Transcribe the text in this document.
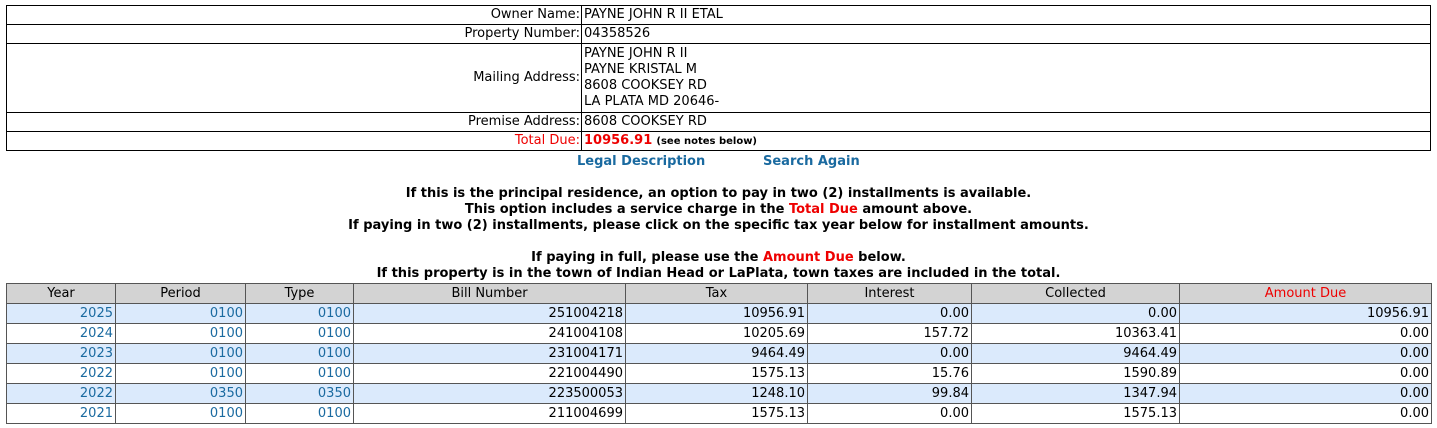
Owner Name:	PAYNE JOHN R II ETAL
Property Number:	04358526
Mailing Address:	PAYNE JOHN R II
PAYNE KRISTAL M
8608 COOKSEY RD
LA PLATA MD 20646-

Premise Address:	8608 COOKSEY RD
Total Due:	10956.91 (see notes below)
Legal Description	Search Again
If this is the principal residence, an option to pay in two (2) installments is available.
This option includes a service charge in the Total Due amount above.
If paying in two (2) installments, please click on the specific tax year below for installment amounts.
If paying in full, please use the Amount Due below.
If this property is in the town of Indian Head or LaPlata, town taxes are included in the total.
Year	Period	Type	Bill Number	Tax	Interest	Collected	Amount Due
2025	0100	0100	251004218	10956.91	0.00	0.00	10956.91
2024	0100	0100	241004108	10205.69	157.72	10363.41	0.00
2023	0100	0100	231004171	9464.49	0.00	9464.49	0.00
2022	0100	0100	221004490	1575.13	15.76	1590.89	0.00
2022	0350	0350	223500053	1248.10	99.84	1347.94	0.00
2021	0100	0100	211004699	1575.13	0.00	1575.13	0.00
